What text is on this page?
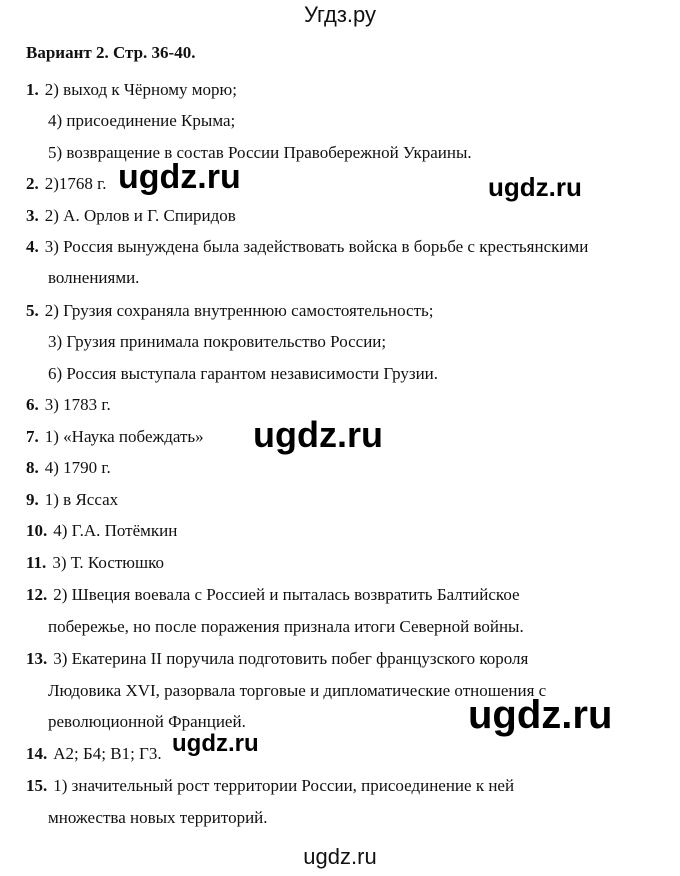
Угдз.ру
Вариант 2. Стр. 36-40.
1. 2) выход к Чёрному морю;
4) присоединение Крыма;
5) возвращение в состав России Правобережной Украины.
2. 2)1768 г.
3. 2) А. Орлов и Г. Спиридов
4. 3) Россия вынуждена была задействовать войска в борьбе с крестьянскими
волнениями.
5. 2) Грузия сохраняла внутреннюю самостоятельность;
3) Грузия принимала покровительство России;
6) Россия выступала гарантом независимости Грузии.
6. 3) 1783 г.
7. 1) «Наука побеждать»
8. 4) 1790 г.
9. 1) в Яссах
10. 4) Г.А. Потёмкин
11. 3) Т. Костюшко
12. 2) Швеция воевала с Россией и пыталась возвратить Балтийское
побережье, но после поражения признала итоги Северной войны.
13. 3) Екатерина II поручила подготовить побег французского короля
Людовика XVI, разорвала торговые и дипломатические отношения с
революционной Францией.
14. А2; Б4; В1; Г3.
15. 1) значительный рост территории России, присоединение к ней
множества новых территорий.
ugdz.ru	ugdz.ru
ugdz.ru
ugdz.ru
ugdz.ru
ugdz.ru
